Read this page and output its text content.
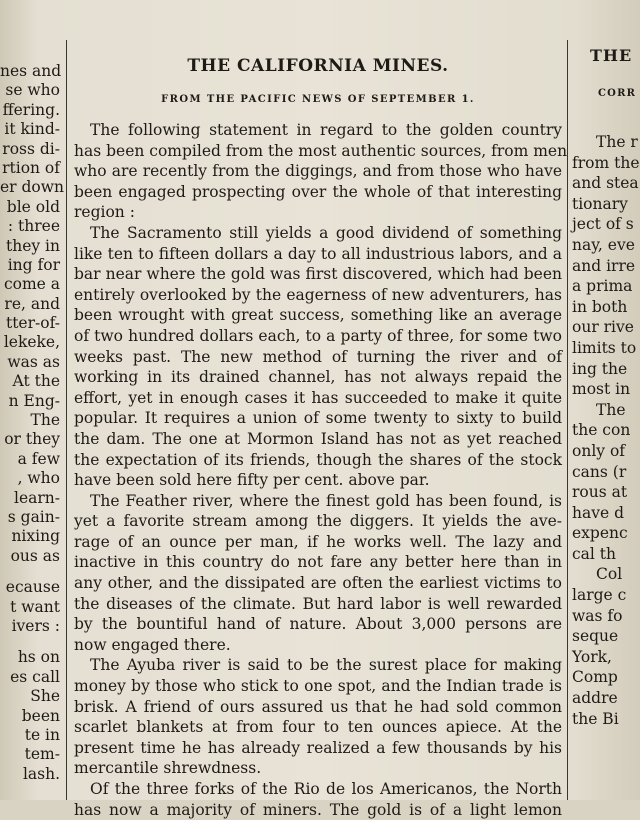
nes and
se who
ffering.
it kind-
ross di-
rtion of
er down
ble old
: three
they in
ing for
come a
re, and
tter-of-
lekeke,
was as
At the
n Eng-
The
or they
a few
, who
learn-
s gain-
nixing
ous as
ecause
t want
ivers :
hs on
es call
She
been
te in
tem-
lash.
THE CALIFORNIA MINES.
FROM THE PACIFIC NEWS OF SEPTEMBER 1.
The following statement in regard to the golden country
has been compiled from the most authentic sources, from men
who are recently from the diggings, and from those who have
been engaged prospecting over the whole of that interesting
region :
The Sacramento still yields a good dividend of something
like ten to fifteen dollars a day to all industrious labors, and a
bar near where the gold was first discovered, which had been
entirely overlooked by the eagerness of new adventurers, has
been wrought with great success, something like an average
of two hundred dollars each, to a party of three, for some two
weeks past. The new method of turning the river and of
working in its drained channel, has not always repaid the
effort, yet in enough cases it has succeeded to make it quite
popular. It requires a union of some twenty to sixty to build
the dam. The one at Mormon Island has not as yet reached
the expectation of its friends, though the shares of the stock
have been sold here fifty per cent. above par.
The Feather river, where the finest gold has been found, is
yet a favorite stream among the diggers. It yields the ave-
rage of an ounce per man, if he works well. The lazy and
inactive in this country do not fare any better here than in
any other, and the dissipated are often the earliest victims to
the diseases of the climate. But hard labor is well rewarded
by the bountiful hand of nature. About 3,000 persons are
now engaged there.
The Ayuba river is said to be the surest place for making
money by those who stick to one spot, and the Indian trade is
brisk. A friend of ours assured us that he had sold common
scarlet blankets at from four to ten ounces apiece. At the
present time he has already realized a few thousands by his
mercantile shrewdness.
Of the three forks of the Rio de los Americanos, the North
has now a majority of miners. The gold is of a light lemon
THE
CORR
The r
from the
and stea
tionary
ject of s
nay, eve
and irre
a prima
in both
our rive
limits to
ing the
most in
The
the con
only of
cans (r
rous at
have d
expenc
cal th
Col
large c
was fo
seque
York,
Comp
addre
the Bi
